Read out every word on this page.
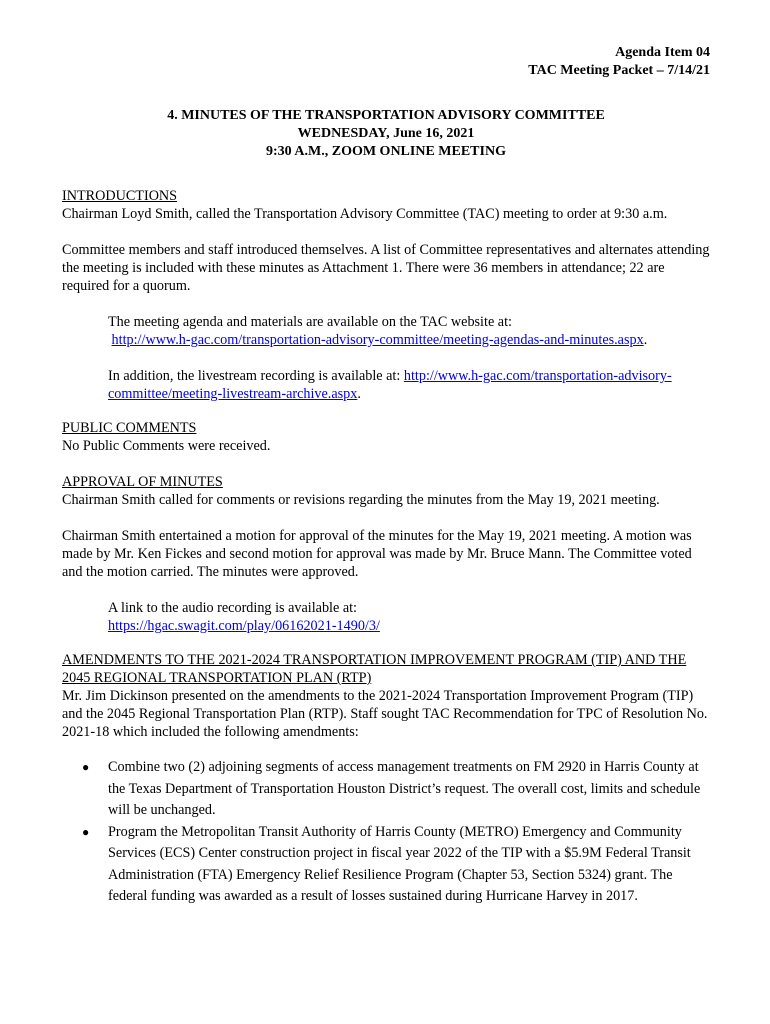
Agenda Item 04
TAC Meeting Packet – 7/14/21
4. MINUTES OF THE TRANSPORTATION ADVISORY COMMITTEE
WEDNESDAY, June 16, 2021
9:30 A.M., ZOOM ONLINE MEETING
INTRODUCTIONS

Chairman Loyd Smith, called the Transportation Advisory Committee (TAC) meeting to order at 9:30 a.m.

Committee members and staff introduced themselves. A list of Committee representatives and alternates attending the meeting is included with these minutes as Attachment 1. There were 36 members in attendance; 22 are required for a quorum.

The meeting agenda and materials are available on the TAC website at:
http://www.h-gac.com/transportation-advisory-committee/meeting-agendas-and-minutes.aspx.

In addition, the livestream recording is available at: http://www.h-gac.com/transportation-advisory-committee/meeting-livestream-archive.aspx.

PUBLIC COMMENTS

No Public Comments were received.

APPROVAL OF MINUTES

Chairman Smith called for comments or revisions regarding the minutes from the May 19, 2021 meeting.

Chairman Smith entertained a motion for approval of the minutes for the May 19, 2021 meeting. A motion was made by Mr. Ken Fickes and second motion for approval was made by Mr. Bruce Mann. The Committee voted and the motion carried. The minutes were approved.

A link to the audio recording is available at:
https://hgac.swagit.com/play/06162021-1490/3/

AMENDMENTS TO THE 2021-2024 TRANSPORTATION IMPROVEMENT PROGRAM (TIP) AND THE 2045 REGIONAL TRANSPORTATION PLAN (RTP)

Mr. Jim Dickinson presented on the amendments to the 2021-2024 Transportation Improvement Program (TIP) and the 2045 Regional Transportation Plan (RTP). Staff sought TAC Recommendation for TPC of Resolution No. 2021-18 which included the following amendments:

● Combine two (2) adjoining segments of access management treatments on FM 2920 in Harris County at the Texas Department of Transportation Houston District’s request. The overall cost, limits and schedule will be unchanged.
● Program the Metropolitan Transit Authority of Harris County (METRO) Emergency and Community Services (ECS) Center construction project in fiscal year 2022 of the TIP with a $5.9M Federal Transit Administration (FTA) Emergency Relief Resilience Program (Chapter 53, Section 5324) grant. The federal funding was awarded as a result of losses sustained during Hurricane Harvey in 2017.
